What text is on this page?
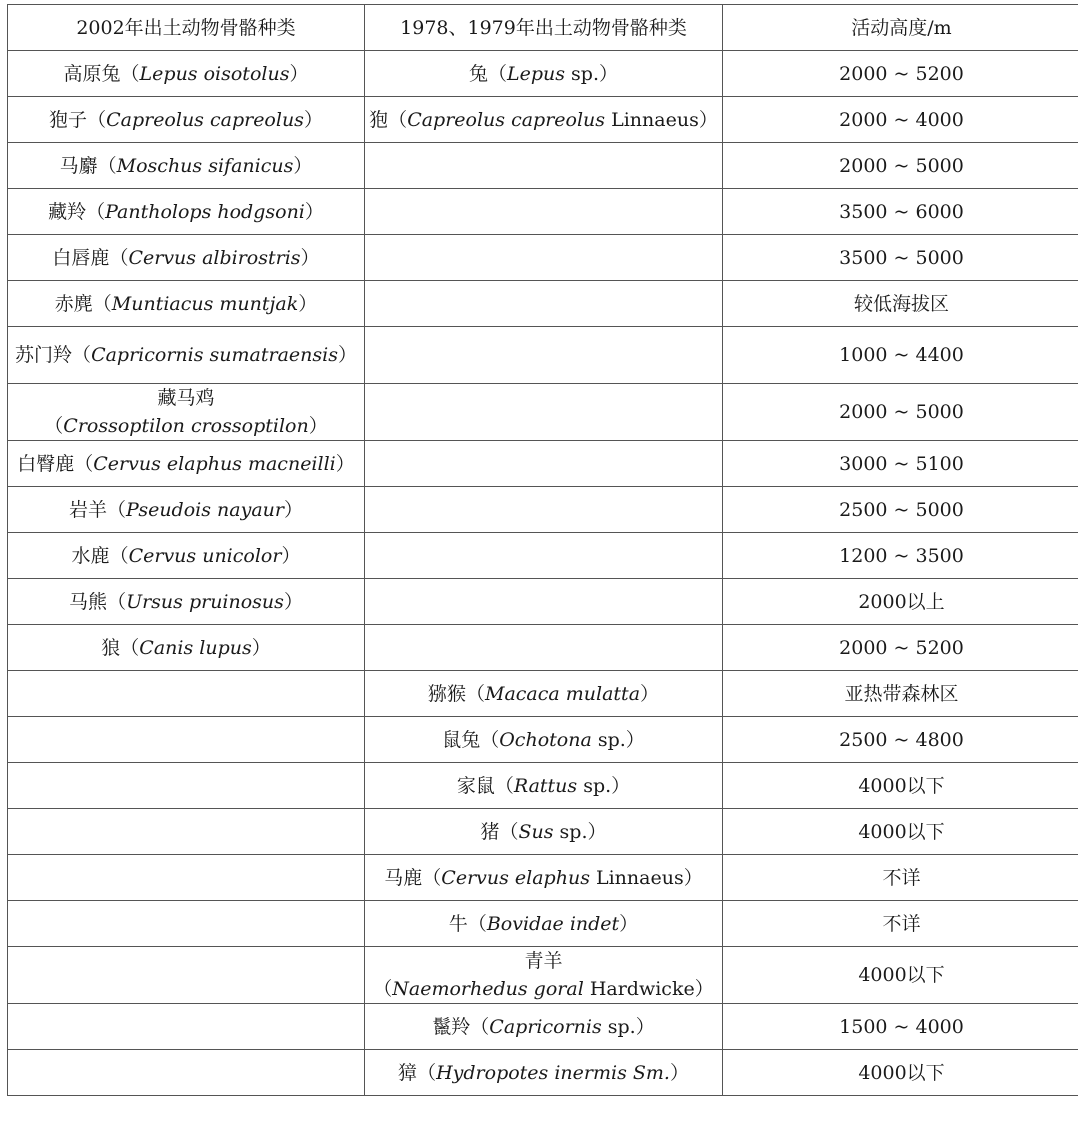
2002年出土动物骨骼种类	1978、1979年出土动物骨骼种类	活动高度/m
高原兔（Lepus oisotolus）	兔（Lepus sp.）	2000 ~ 5200
狍子（Capreolus capreolus）	狍（Capreolus capreolus Linnaeus）	2000 ~ 4000
马麝（Moschus sifanicus）		2000 ~ 5000
藏羚（Pantholops hodgsoni）		3500 ~ 6000
白唇鹿（Cervus albirostris）		3500 ~ 5000
赤麂（Muntiacus muntjak）		较低海拔区
苏门羚（Capricornis sumatraensis）		1000 ~ 4400
藏马鸡
（Crossoptilon crossoptilon）		2000 ~ 5000
白臀鹿（Cervus elaphus macneilli）		3000 ~ 5100
岩羊（Pseudois nayaur）		2500 ~ 5000
水鹿（Cervus unicolor）		1200 ~ 3500
马熊（Ursus pruinosus）		2000以上
狼（Canis lupus）		2000 ~ 5200
	猕猴（Macaca mulatta）	亚热带森林区
	鼠兔（Ochotona sp.）	2500 ~ 4800
	家鼠（Rattus sp.）	4000以下
	猪（Sus sp.）	4000以下
	马鹿（Cervus elaphus Linnaeus）	不详
	牛（Bovidae indet）	不详
	青羊
（Naemorhedus goral Hardwicke）	4000以下
	鬣羚（Capricornis sp.）	1500 ~ 4000
	獐（Hydropotes inermis Sm.）	4000以下
